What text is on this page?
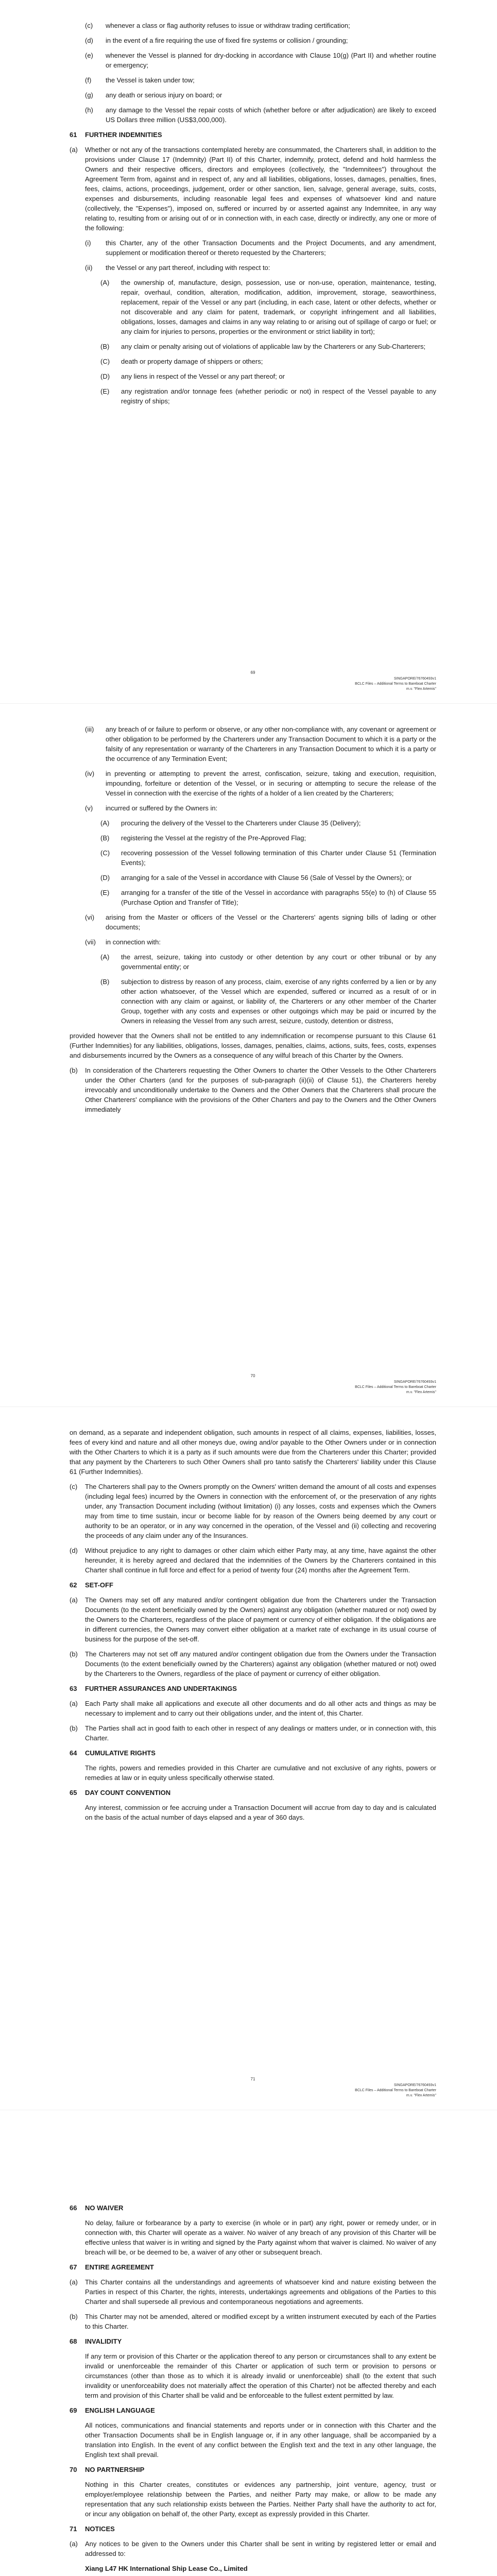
(c)	whenever a class or flag authority refuses to issue or withdraw trading certification;
(d)	in the event of a fire requiring the use of fixed fire systems or collision / grounding;
(e)	whenever the Vessel is planned for dry-docking in accordance with Clause 10(g) (Part II) and whether routine or emergency;
(f)	the Vessel is taken under tow;
(g)	any death or serious injury on board; or
(h)	any damage to the Vessel the repair costs of which (whether before or after adjudication) are likely to exceed US Dollars three million (US$3,000,000).
61	FURTHER INDEMNITIES
(a)	Whether or not any of the transactions contemplated hereby are consummated, the Charterers shall, in addition to the provisions under Clause 17 (Indemnity) (Part II) of this Charter, indemnify, protect, defend and hold harmless the Owners and their respective officers, directors and employees (collectively, the "Indemnitees") throughout the Agreement Term from, against and in respect of, any and all liabilities, obligations, losses, damages, penalties, fines, fees, claims, actions, proceedings, judgement, order or other sanction, lien, salvage, general average, suits, costs, expenses and disbursements, including reasonable legal fees and expenses of whatsoever kind and nature (collectively, the "Expenses"), imposed on, suffered or incurred by or asserted against any Indemnitee, in any way relating to, resulting from or arising out of or in connection with, in each case, directly or indirectly, any one or more of the following:
(i)	this Charter, any of the other Transaction Documents and the Project Documents, and any amendment, supplement or modification thereof or thereto requested by the Charterers;
(ii)	the Vessel or any part thereof, including with respect to:
(A)	the ownership of, manufacture, design, possession, use or non-use, operation, maintenance, testing, repair, overhaul, condition, alteration, modification, addition, improvement, storage, seaworthiness, replacement, repair of the Vessel or any part (including, in each case, latent or other defects, whether or not discoverable and any claim for patent, trademark, or copyright infringement and all liabilities, obligations, losses, damages and claims in any way relating to or arising out of spillage of cargo or fuel; or any claim for injuries to persons, properties or the environment or strict liability in tort);
(B)	any claim or penalty arising out of violations of applicable law by the Charterers or any Sub-Charterers;
(C)	death or property damage of shippers or others;
(D)	any liens in respect of the Vessel or any part thereof; or
(E)	any registration and/or tonnage fees (whether periodic or not) in respect of the Vessel payable to any registry of ships;
69
SINGAPORE/76760493v1
BCLC Files – Additional Terms to Bareboat Charter
m.v. "Flex Artemis"
(iii)	any breach of or failure to perform or observe, or any other non-compliance with, any covenant or agreement or other obligation to be performed by the Charterers under any Transaction Document to which it is a party or the falsity of any representation or warranty of the Charterers in any Transaction Document to which it is a party or the occurrence of any Termination Event;
(iv)	in preventing or attempting to prevent the arrest, confiscation, seizure, taking and execution, requisition, impounding, forfeiture or detention of the Vessel, or in securing or attempting to secure the release of the Vessel in connection with the exercise of the rights of a holder of a lien created by the Charterers;
(v)	incurred or suffered by the Owners in:
(A)	procuring the delivery of the Vessel to the Charterers under Clause 35 (Delivery);
(B)	registering the Vessel at the registry of the Pre-Approved Flag;
(C)	recovering possession of the Vessel following termination of this Charter under Clause 51 (Termination Events);
(D)	arranging for a sale of the Vessel in accordance with Clause 56 (Sale of Vessel by the Owners); or
(E)	arranging for a transfer of the title of the Vessel in accordance with paragraphs 55(e) to (h) of Clause 55 (Purchase Option and Transfer of Title);
(vi)	arising from the Master or officers of the Vessel or the Charterers' agents signing bills of lading or other documents;
(vii)	in connection with:
(A)	the arrest, seizure, taking into custody or other detention by any court or other tribunal or by any governmental entity; or
(B)	subjection to distress by reason of any process, claim, exercise of any rights conferred by a lien or by any other action whatsoever, of the Vessel which are expended, suffered or incurred as a result of or in connection with any claim or against, or liability of, the Charterers or any other member of the Charter Group, together with any costs and expenses or other outgoings which may be paid or incurred by the Owners in releasing the Vessel from any such arrest, seizure, custody, detention or distress,
provided however that the Owners shall not be entitled to any indemnification or recompense pursuant to this Clause 61 (Further Indemnities) for any liabilities, obligations, losses, damages, penalties, claims, actions, suits, fees, costs, expenses and disbursements incurred by the Owners as a consequence of any wilful breach of this Charter by the Owners.
(b)	In consideration of the Charterers requesting the Other Owners to charter the Other Vessels to the Other Charterers under the Other Charters (and for the purposes of sub-paragraph (ii)(ii) of Clause 51), the Charterers hereby irrevocably and unconditionally undertake to the Owners and the Other Owners that the Charterers shall procure the Other Charterers' compliance with the provisions of the Other Charters and pay to the Owners and the Other Owners immediately
70
SINGAPORE/76760493v1
BCLC Files – Additional Terms to Bareboat Charter
m.v. "Flex Artemis"
on demand, as a separate and independent obligation, such amounts in respect of all claims, expenses, liabilities, losses, fees of every kind and nature and all other moneys due, owing and/or payable to the Other Owners under or in connection with the Other Charters to which it is a party as if such amounts were due from the Charterers under this Charter; provided that any payment by the Charterers to such Other Owners shall pro tanto satisfy the Charterers' liability under this Clause 61 (Further Indemnities).
(c)	The Charterers shall pay to the Owners promptly on the Owners' written demand the amount of all costs and expenses (including legal fees) incurred by the Owners in connection with the enforcement of, or the preservation of any rights under, any Transaction Document including (without limitation) (i) any losses, costs and expenses which the Owners may from time to time sustain, incur or become liable for by reason of the Owners being deemed by any court or authority to be an operator, or in any way concerned in the operation, of the Vessel and (ii) collecting and recovering the proceeds of any claim under any of the Insurances.
(d)	Without prejudice to any right to damages or other claim which either Party may, at any time, have against the other hereunder, it is hereby agreed and declared that the indemnities of the Owners by the Charterers contained in this Charter shall continue in full force and effect for a period of twenty four (24) months after the Agreement Term.
62	SET-OFF
(a)	The Owners may set off any matured and/or contingent obligation due from the Charterers under the Transaction Documents (to the extent beneficially owned by the Owners) against any obligation (whether matured or not) owed by the Owners to the Charterers, regardless of the place of payment or currency of either obligation. If the obligations are in different currencies, the Owners may convert either obligation at a market rate of exchange in its usual course of business for the purpose of the set-off.
(b)	The Charterers may not set off any matured and/or contingent obligation due from the Owners under the Transaction Documents (to the extent beneficially owned by the Charterers) against any obligation (whether matured or not) owed by the Charterers to the Owners, regardless of the place of payment or currency of either obligation.
63	FURTHER ASSURANCES AND UNDERTAKINGS
(a)	Each Party shall make all applications and execute all other documents and do all other acts and things as may be necessary to implement and to carry out their obligations under, and the intent of, this Charter.
(b)	The Parties shall act in good faith to each other in respect of any dealings or matters under, or in connection with, this Charter.
64	CUMULATIVE RIGHTS
The rights, powers and remedies provided in this Charter are cumulative and not exclusive of any rights, powers or remedies at law or in equity unless specifically otherwise stated.
65	DAY COUNT CONVENTION
Any interest, commission or fee accruing under a Transaction Document will accrue from day to day and is calculated on the basis of the actual number of days elapsed and a year of 360 days.
71
SINGAPORE/76760493v1
BCLC Files – Additional Terms to Bareboat Charter
m.v. "Flex Artemis"
66	NO WAIVER
No delay, failure or forbearance by a party to exercise (in whole or in part) any right, power or remedy under, or in connection with, this Charter will operate as a waiver. No waiver of any breach of any provision of this Charter will be effective unless that waiver is in writing and signed by the Party against whom that waiver is claimed. No waiver of any breach will be, or be deemed to be, a waiver of any other or subsequent breach.
67	ENTIRE AGREEMENT
(a)	This Charter contains all the understandings and agreements of whatsoever kind and nature existing between the Parties in respect of this Charter, the rights, interests, undertakings agreements and obligations of the Parties to this Charter and shall supersede all previous and contemporaneous negotiations and agreements.
(b)	This Charter may not be amended, altered or modified except by a written instrument executed by each of the Parties to this Charter.
68	INVALIDITY
If any term or provision of this Charter or the application thereof to any person or circumstances shall to any extent be invalid or unenforceable the remainder of this Charter or application of such term or provision to persons or circumstances (other than those as to which it is already invalid or unenforceable) shall (to the extent that such invalidity or unenforceability does not materially affect the operation of this Charter) not be affected thereby and each term and provision of this Charter shall be valid and be enforceable to the fullest extent permitted by law.
69	ENGLISH LANGUAGE
All notices, communications and financial statements and reports under or in connection with this Charter and the other Transaction Documents shall be in English language or, if in any other language, shall be accompanied by a translation into English. In the event of any conflict between the English text and the text in any other language, the English text shall prevail.
70	NO PARTNERSHIP
Nothing in this Charter creates, constitutes or evidences any partnership, joint venture, agency, trust or employer/employee relationship between the Parties, and neither Party may make, or allow to be made any representation that any such relationship exists between the Parties. Neither Party shall have the authority to act for, or incur any obligation on behalf of, the other Party, except as expressly provided in this Charter.
71	NOTICES
(a)	Any notices to be given to the Owners under this Charter shall be sent in writing by registered letter or email and addressed to:
Xiang L47 HK International Ship Lease Co., Limited
